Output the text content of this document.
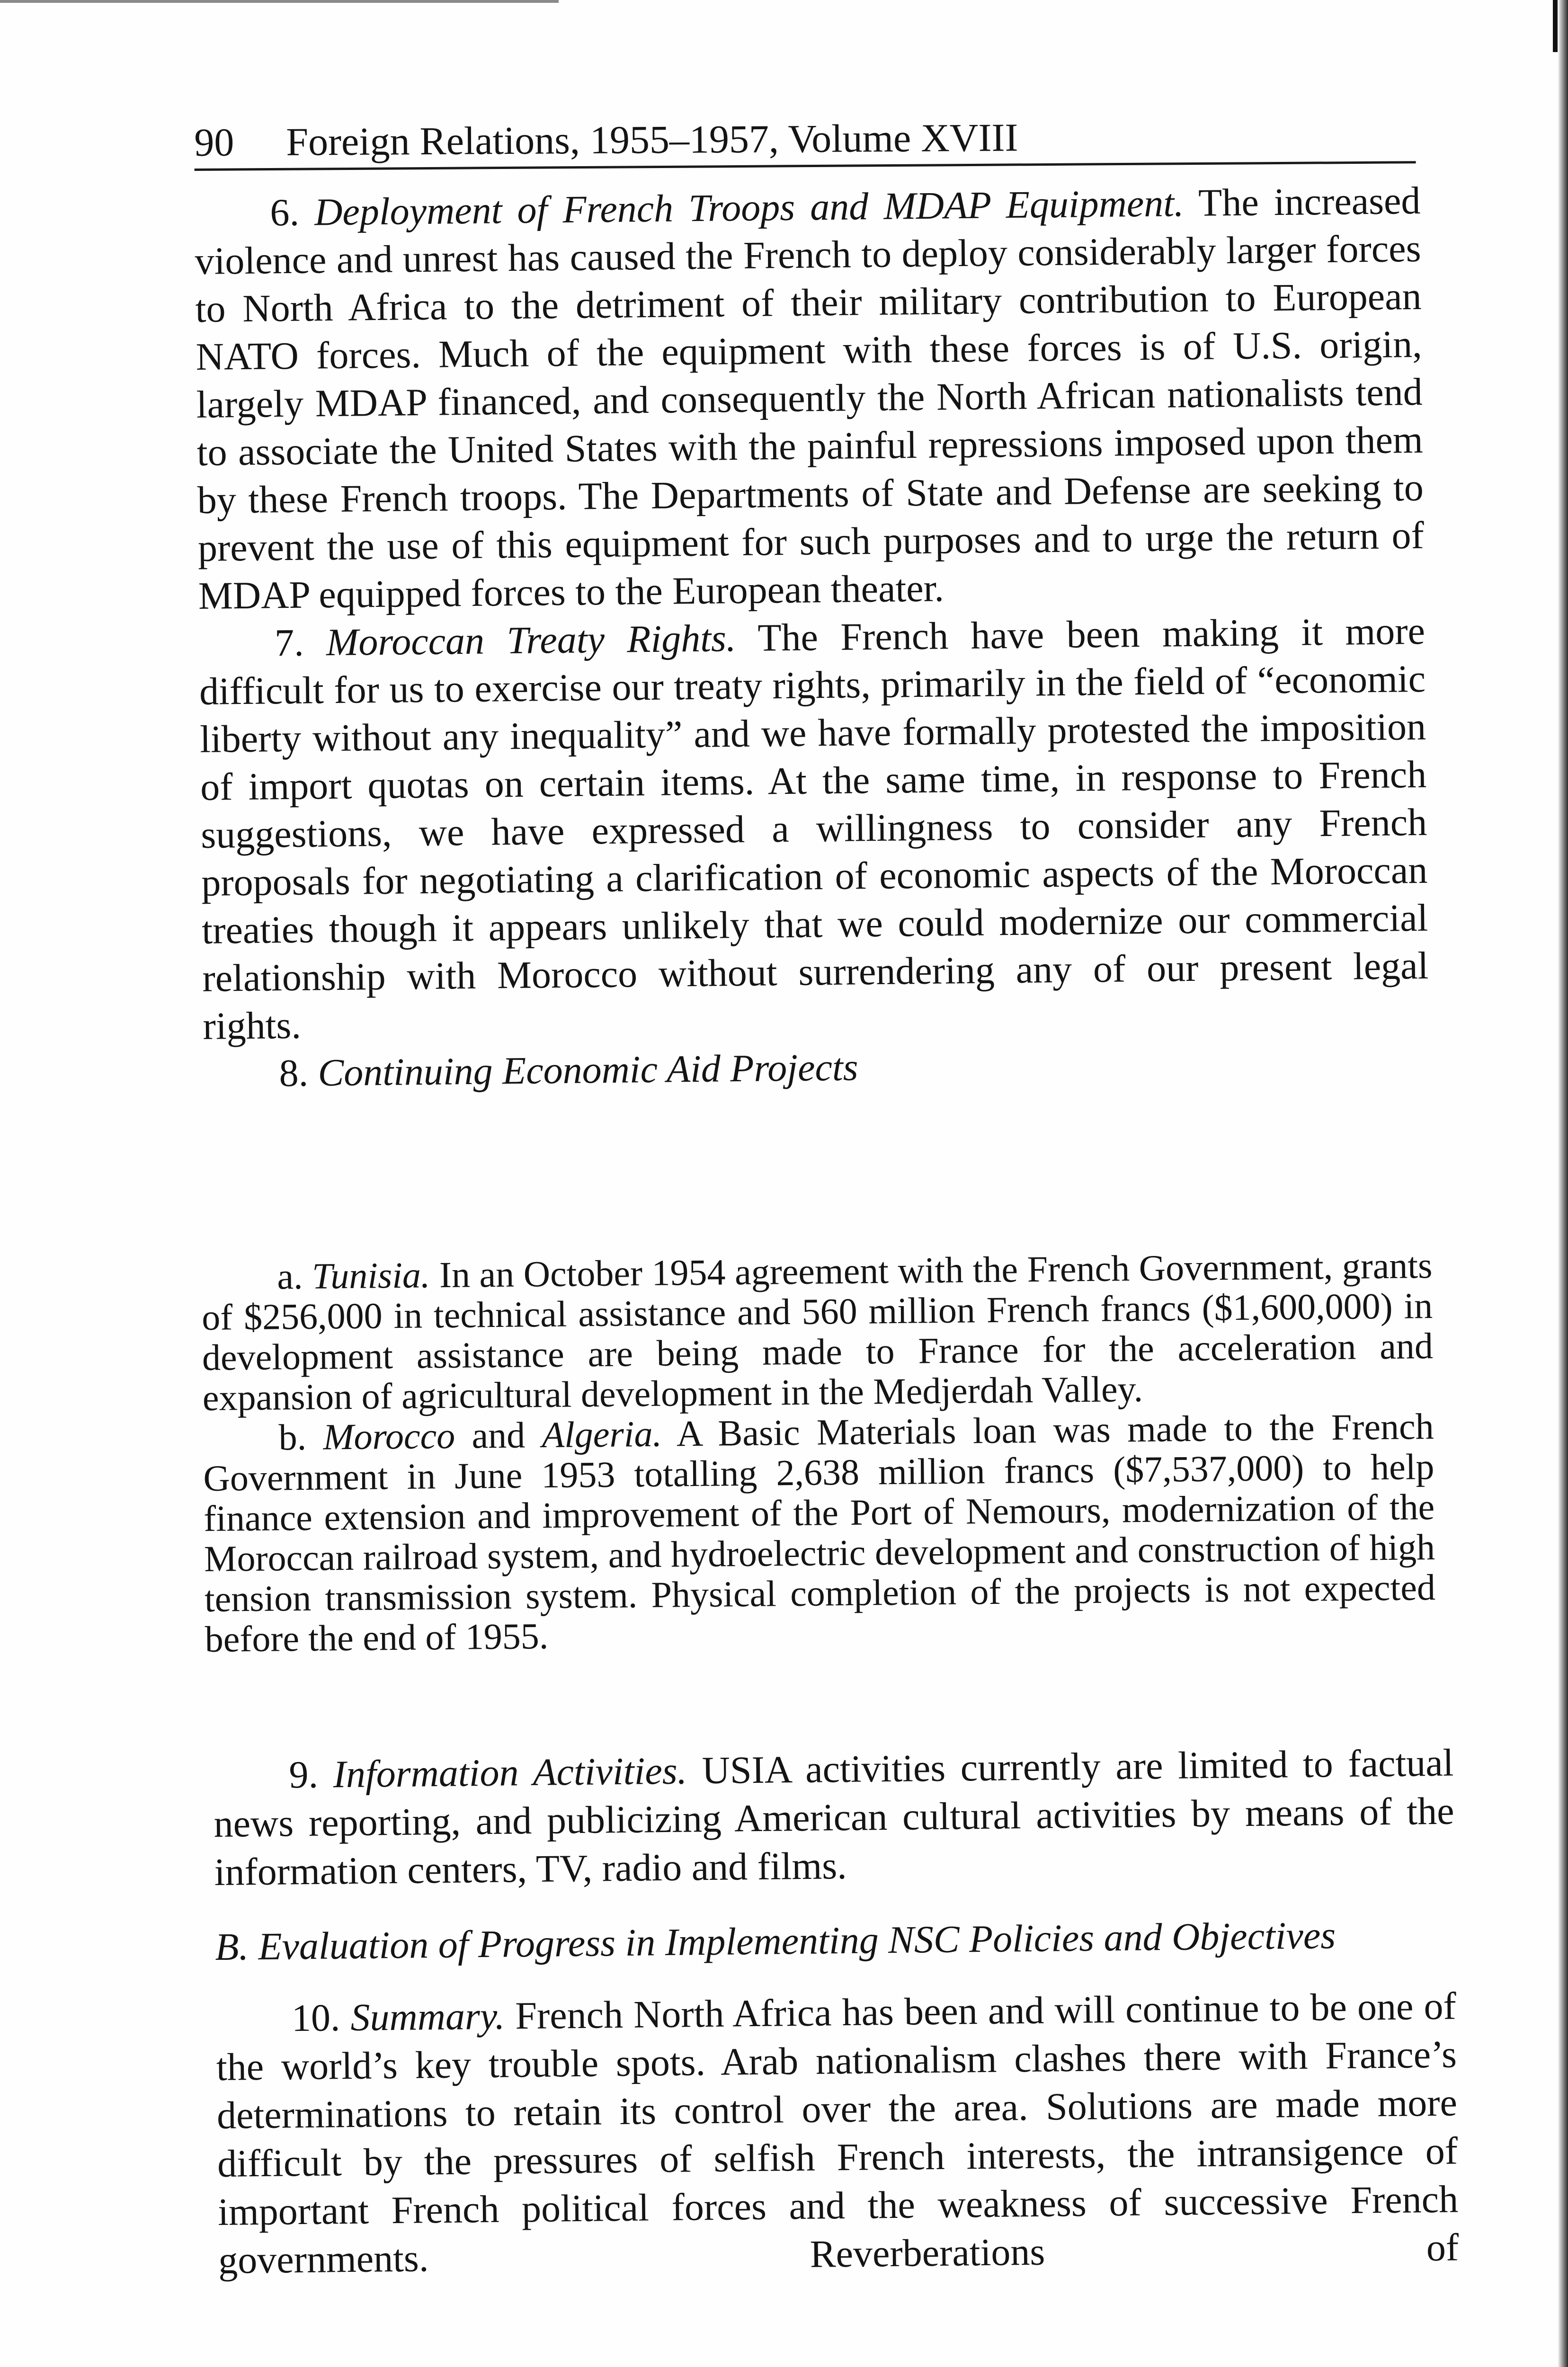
90 Foreign Relations, 1955–1957, Volume XVIII

6. Deployment of French Troops and MDAP Equipment. The increased violence and unrest has caused the French to deploy considerably larger forces to North Africa to the detriment of their military contribution to European NATO forces. Much of the equipment with these forces is of U.S. origin, largely MDAP financed, and consequently the North African nationalists tend to associate the United States with the painful repressions imposed upon them by these French troops. The Departments of State and Defense are seeking to prevent the use of this equipment for such purposes and to urge the return of MDAP equipped forces to the European theater.

7. Moroccan Treaty Rights. The French have been making it more difficult for us to exercise our treaty rights, primarily in the field of “economic liberty without any inequality” and we have formally protested the imposition of import quotas on certain items. At the same time, in response to French suggestions, we have expressed a willingness to consider any French proposals for negotiating a clarification of economic aspects of the Moroccan treaties though it appears unlikely that we could modernize our commercial relationship with Morocco without surrendering any of our present legal rights.

8. Continuing Economic Aid Projects

a. Tunisia. In an October 1954 agreement with the French Government, grants of $256,000 in technical assistance and 560 million French francs ($1,600,000) in development assistance are being made to France for the acceleration and expansion of agricultural development in the Medjerdah Valley.

b. Morocco and Algeria. A Basic Materials loan was made to the French Government in June 1953 totalling 2,638 million francs ($7,537,000) to help finance extension and improvement of the Port of Nemours, modernization of the Moroccan railroad system, and hydroelectric development and construction of high tension transmission system. Physical completion of the projects is not expected before the end of 1955.

9. Information Activities. USIA activities currently are limited to factual news reporting, and publicizing American cultural activities by means of the information centers, TV, radio and films.

B. Evaluation of Progress in Implementing NSC Policies and Objectives

10. Summary. French North Africa has been and will continue to be one of the world’s key trouble spots. Arab nationalism clashes there with France’s determinations to retain its control over the area. Solutions are made more difficult by the pressures of selfish French interests, the intransigence of important French political forces and the weakness of successive French governments. Reverberations of
